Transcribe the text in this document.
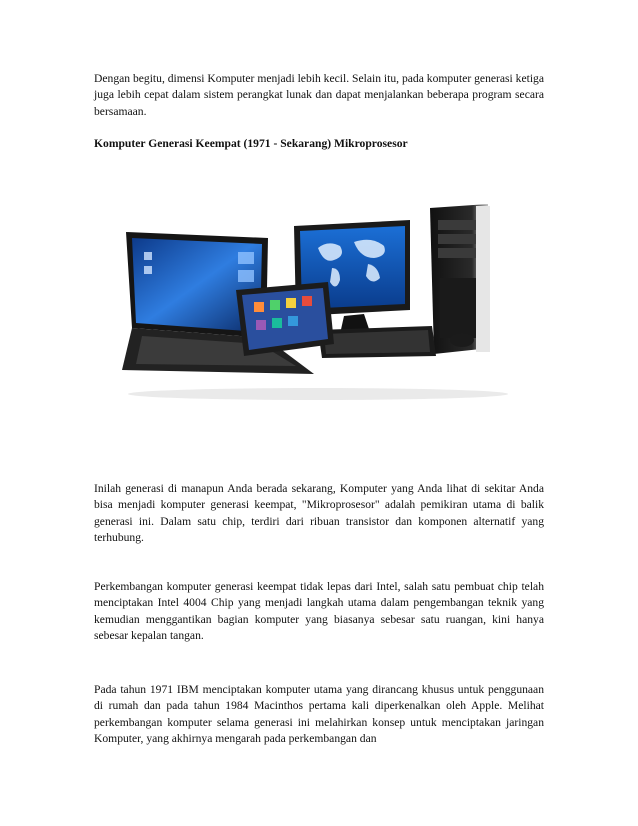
Dengan begitu, dimensi Komputer menjadi lebih kecil. Selain itu, pada komputer generasi ketiga juga lebih cepat dalam sistem perangkat lunak dan dapat menjalankan beberapa program secara bersamaan.

Komputer Generasi Keempat (1971 - Sekarang) Mikroprosesor

Inilah generasi di manapun Anda berada sekarang, Komputer yang Anda lihat di sekitar Anda bisa menjadi komputer generasi keempat, "Mikroprosesor" adalah pemikiran utama di balik generasi ini. Dalam satu chip, terdiri dari ribuan transistor dan komponen alternatif yang terhubung.

Perkembangan komputer generasi keempat tidak lepas dari Intel, salah satu pembuat chip telah menciptakan Intel 4004 Chip yang menjadi langkah utama dalam pengembangan teknik yang kemudian menggantikan bagian komputer yang biasanya sebesar satu ruangan, kini hanya sebesar kepalan tangan.

Pada tahun 1971 IBM menciptakan komputer utama yang dirancang khusus untuk penggunaan di rumah dan pada tahun 1984 Macinthos pertama kali diperkenalkan oleh Apple. Melihat perkembangan komputer selama generasi ini melahirkan konsep untuk menciptakan jaringan Komputer, yang akhirnya mengarah pada perkembangan dan
